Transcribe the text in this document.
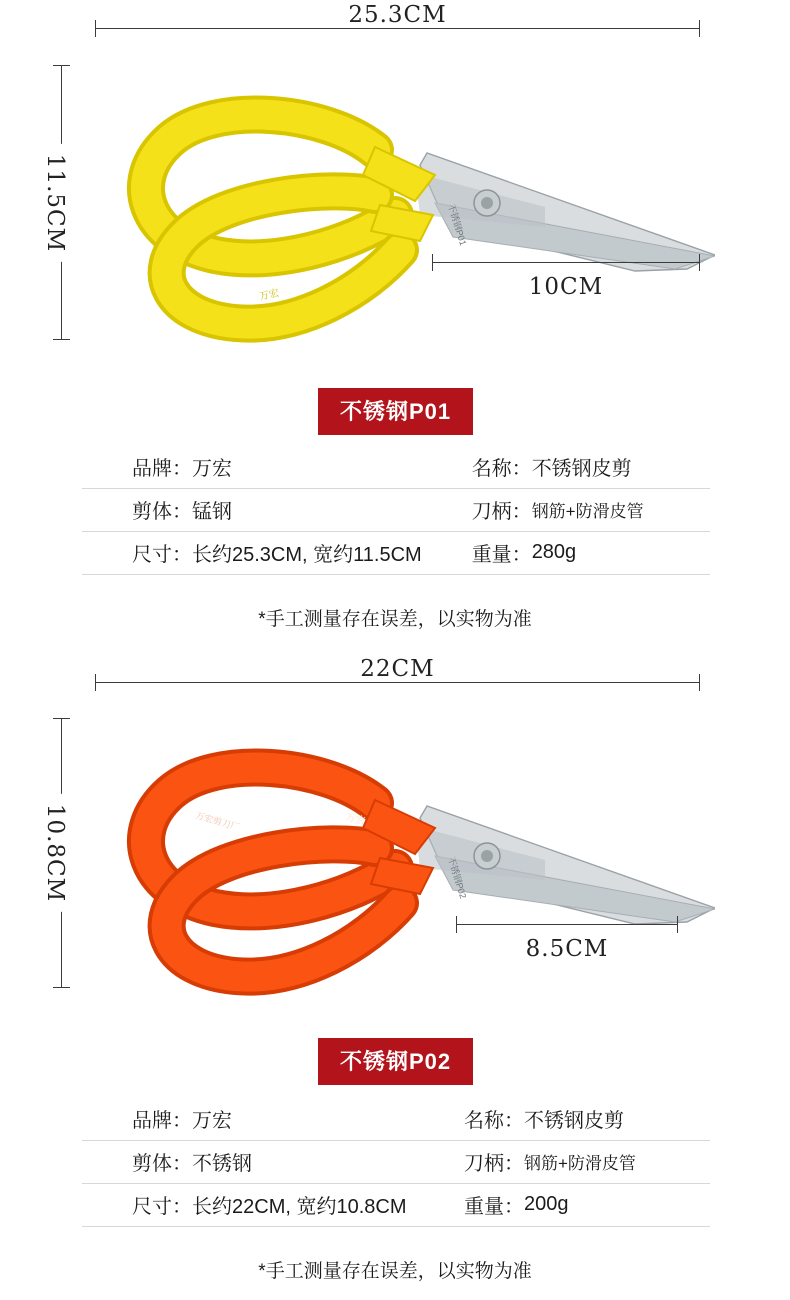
25.3CM
11.5CM	不锈钢P01
万宏	10CM
不锈钢P01
品牌：	万宏	名称：	不锈钢皮剪
剪体：	锰钢	刀柄：	钢筋+防滑皮管
尺寸：	长约25.3CM, 宽约11.5CM	重量：	280g
*手工测量存在误差，以实物为准
22CM
10.8CM	不锈钢P02
万宏剪刀厂	万宏
8.5CM
不锈钢P02
品牌：	万宏	名称：	不锈钢皮剪
剪体：	不锈钢	刀柄：	钢筋+防滑皮管
尺寸：	长约22CM, 宽约10.8CM	重量：	200g
*手工测量存在误差，以实物为准
